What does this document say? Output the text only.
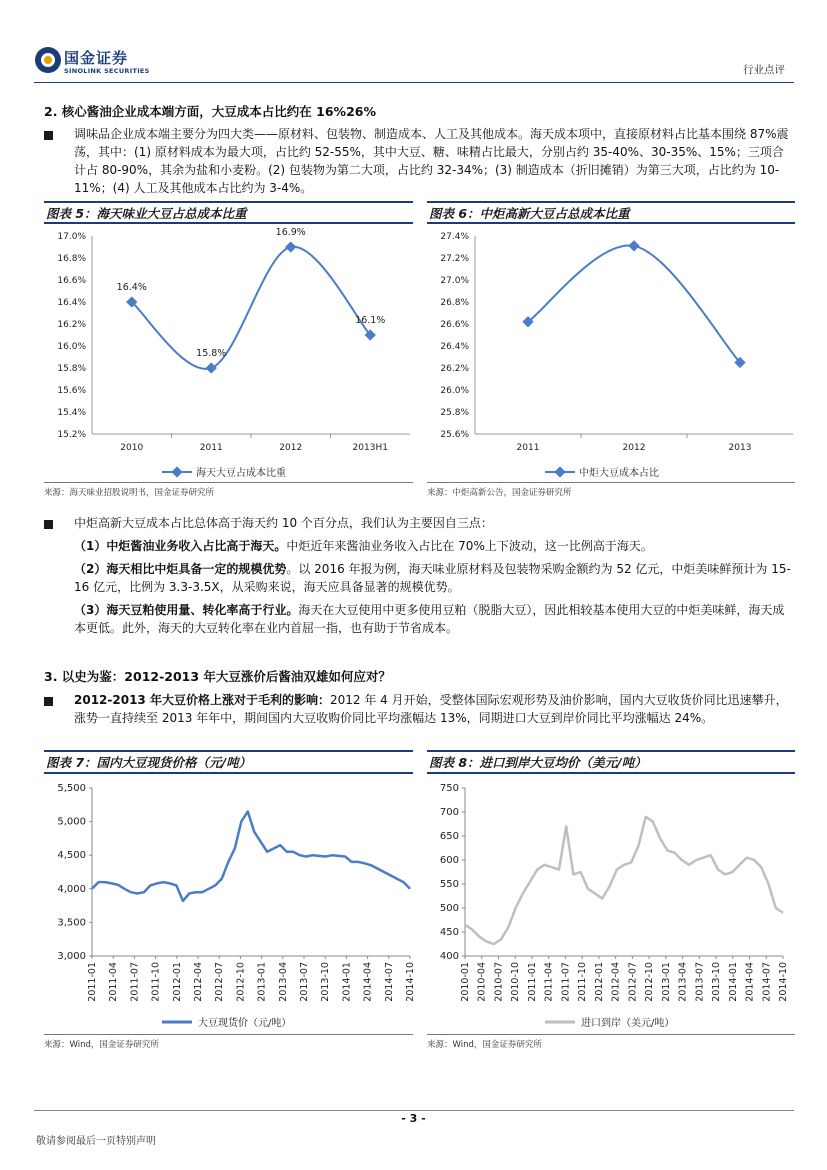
国金证券
SINOLINK SECURITIES	行业点评
2. 核心酱油企业成本端方面，大豆成本占比约在 16%26%
调味品企业成本端主要分为四大类——原材料、包装物、制造成本、人工及其他成本。海天成本项中，直接原材料占比基本围绕 87%震荡，其中：(1) 原材料成本为最大项，占比约 52-55%，其中大豆、糖、味精占比最大，分别占约 35-40%、30-35%、15%；三项合计占 80-90%，其余为盐和小麦粉。(2) 包装物为第二大项，占比约 32-34%；(3) 制造成本（折旧摊销）为第三大项，占比约为 10-11%；(4) 人工及其他成本占比约为 3-4%。
图表 5：海天味业大豆占总成本比重
17.0%
16.8%
16.6%
16.4%
16.2%
16.0%
15.8%
15.6%
15.4%
15.2%
2010	2011	2012	2013H1
16.4%
15.8%
16.9%
16.1%
海天大豆占成本比重
来源：海天味业招股说明书，国金证券研究所
图表 6：中炬高新大豆占总成本比重
27.4%
27.2%
27.0%
26.8%
26.6%
26.4%
26.2%
26.0%
25.8%
25.6%
2011	2012	2013
中炬大豆成本占比
来源：中炬高新公告，国金证券研究所
中炬高新大豆成本占比总体高于海天约 10 个百分点，我们认为主要因自三点：
（1）中炬酱油业务收入占比高于海天。中炬近年来酱油业务收入占比在 70%上下波动，这一比例高于海天。
（2）海天相比中炬具备一定的规模优势。以 2016 年报为例，海天味业原材料及包装物采购金额约为 52 亿元，中炬美味鲜预计为 15-16 亿元，比例为 3.3-3.5X，从采购来说，海天应具备显著的规模优势。
（3）海天豆粕使用量、转化率高于行业。海天在大豆使用中更多使用豆粕（脱脂大豆），因此相较基本使用大豆的中炬美味鲜，海天成本更低。此外，海天的大豆转化率在业内首屈一指，也有助于节省成本。
3. 以史为鉴：2012-2013 年大豆涨价后酱油双雄如何应对？
2012-2013 年大豆价格上涨对于毛利的影响：2012 年 4 月开始，受整体国际宏观形势及油价影响，国内大豆收货价同比迅速攀升，涨势一直持续至 2013 年年中，期间国内大豆收购价同比平均涨幅达 13%，同期进口大豆到岸价同比平均涨幅达 24%。
图表 7：国内大豆现货价格（元/吨）
5,500
5,000
4,500
4,000
3,500
3,000
2011-01 2011-04 2011-07 2011-10 2012-01 2012-04 2012-07 2012-10 2013-01 2013-04 2013-07 2013-10 2014-01 2014-04 2014-07 2014-10
大豆现货价（元/吨）
来源：Wind，国金证券研究所
图表 8：进口到岸大豆均价（美元/吨）
750
700
650
600
550
500
450
400
2010-01 2010-04 2010-07 2010-10 2011-01 2011-04 2011-07 2011-10 2012-01 2012-04 2012-07 2012-10 2013-01 2013-04 2013-07 2013-10 2014-01 2014-04 2014-07 2014-10
进口到岸（美元/吨）
来源：Wind，国金证券研究所
- 3 -
敬请参阅最后一页特别声明
